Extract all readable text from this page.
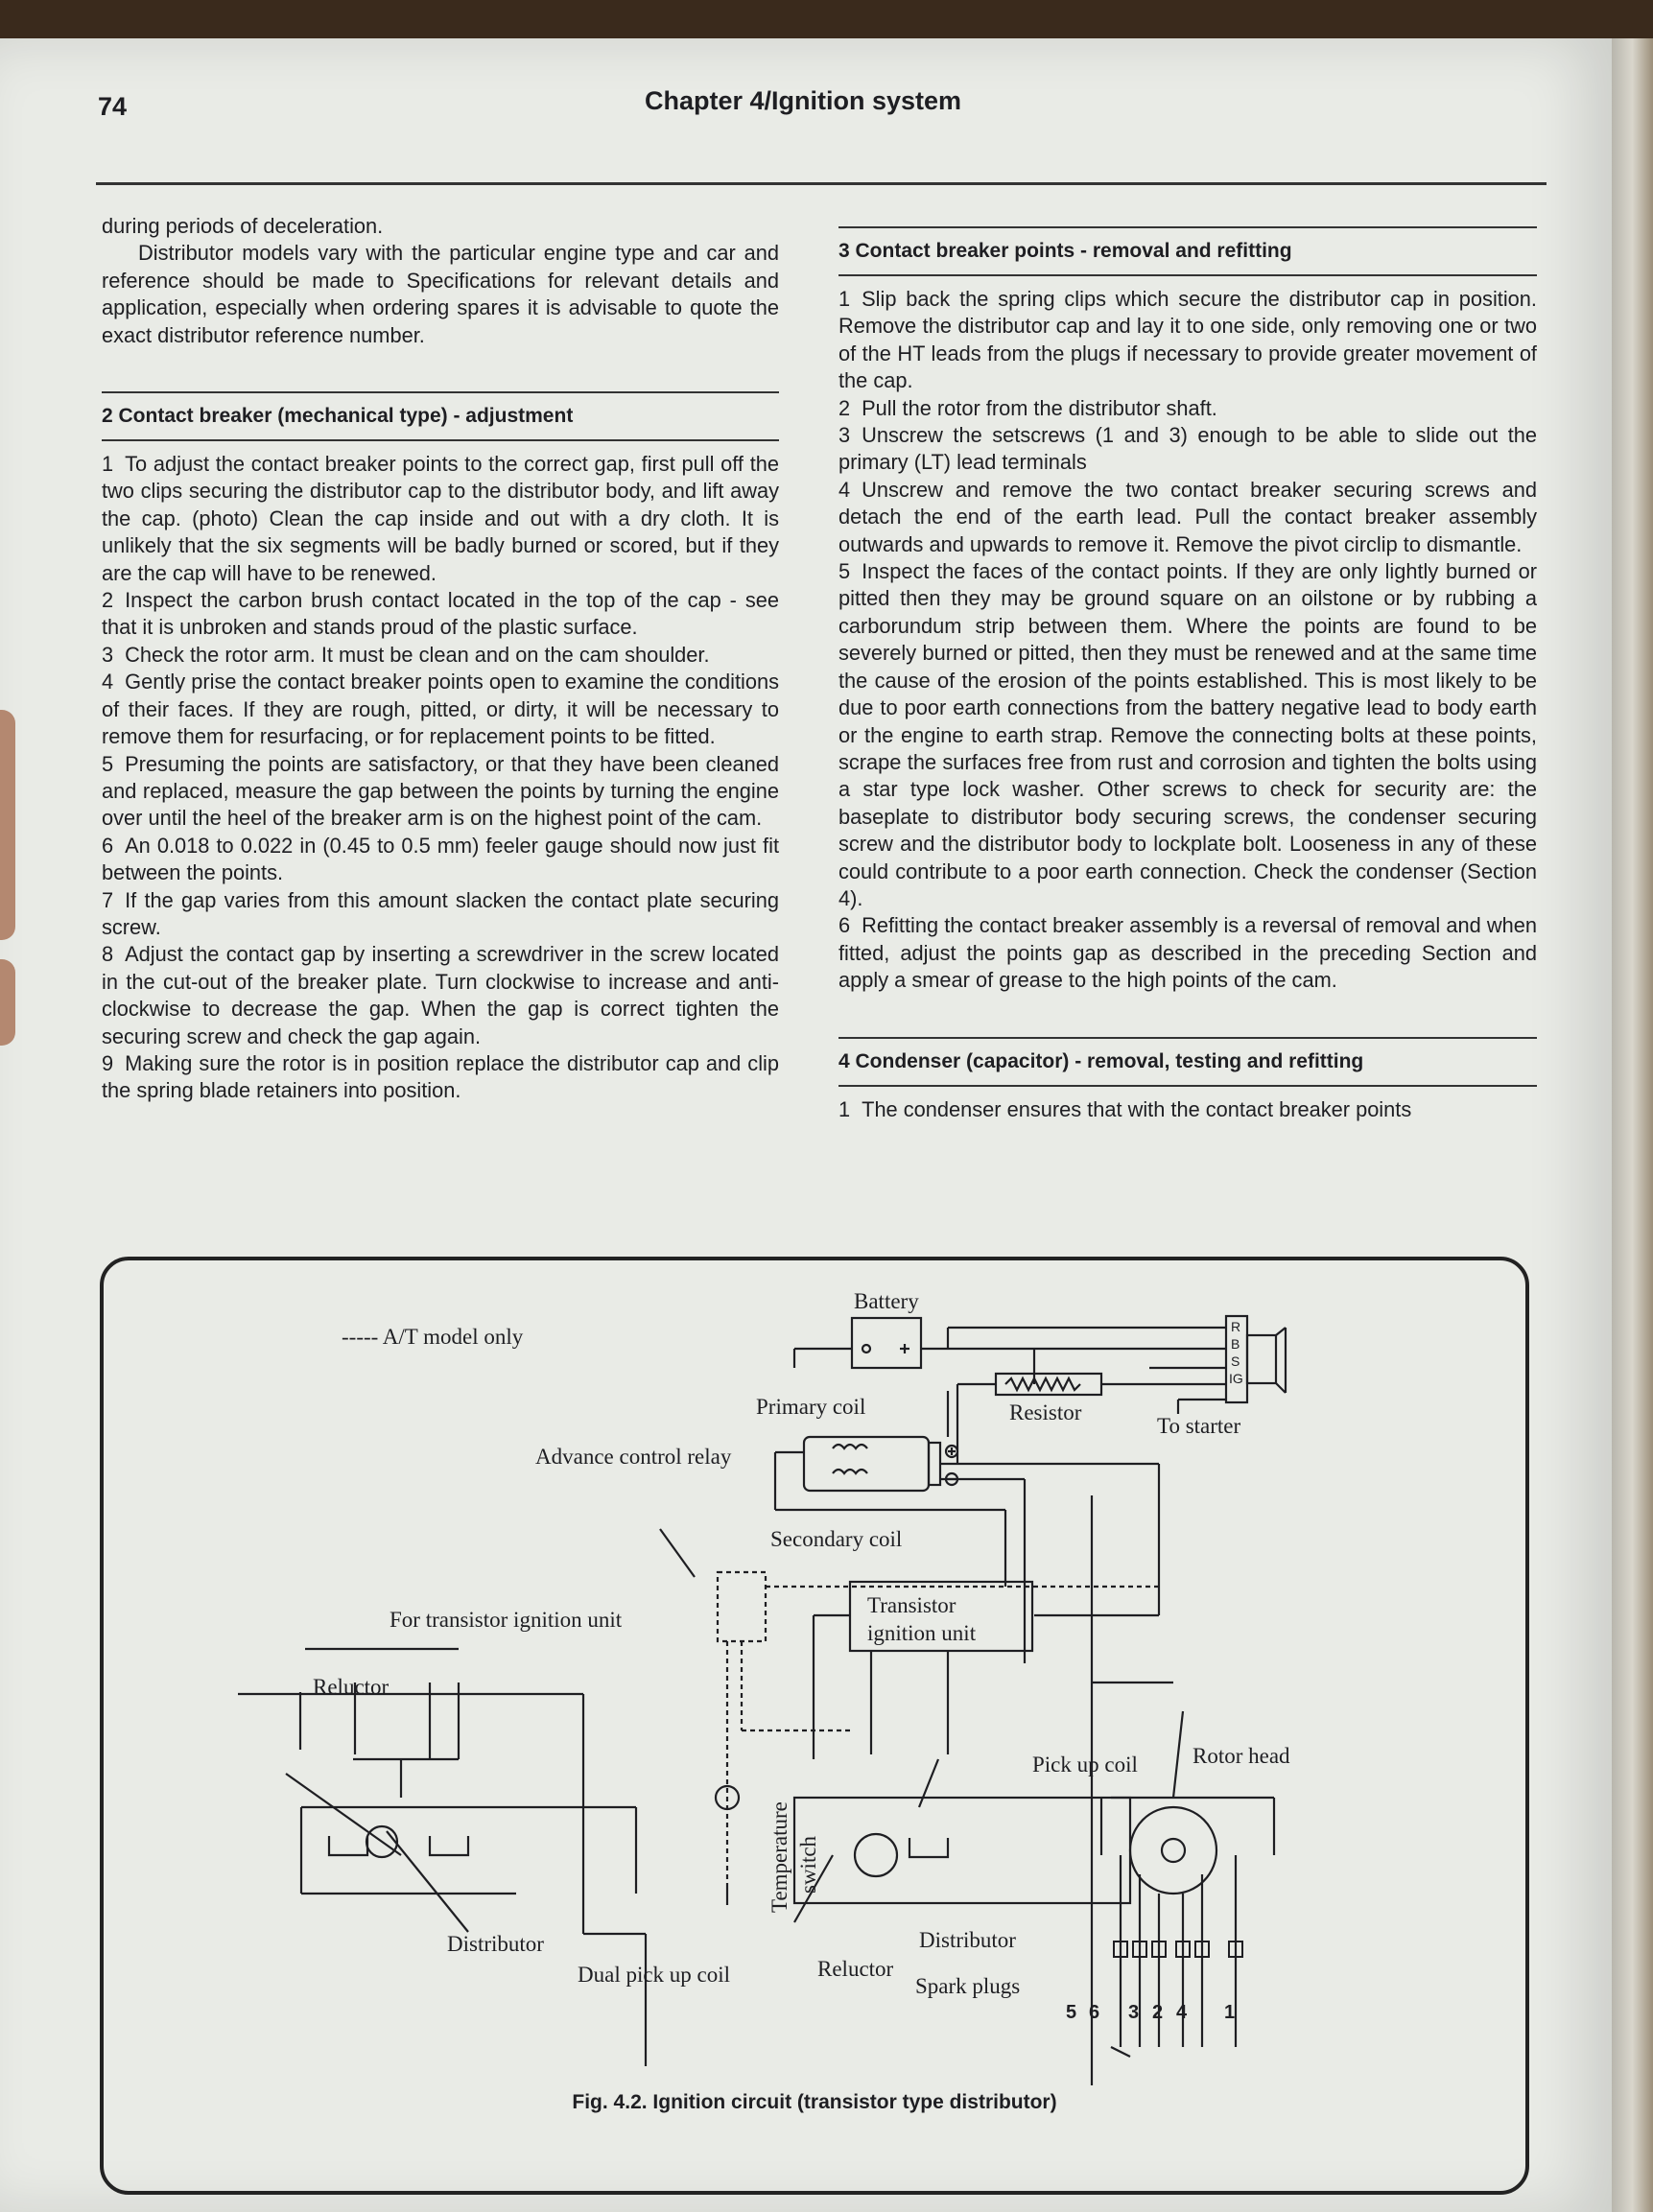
74	Chapter 4/Ignition system

during periods of deceleration.

Distributor models vary with the particular engine type and car and reference should be made to Specifications for relevant details and application, especially when ordering spares it is advisable to quote the exact distributor reference number.

2 Contact breaker (mechanical type) - adjustment

1 To adjust the contact breaker points to the correct gap, first pull off the two clips securing the distributor cap to the distributor body, and lift away the cap. (photo) Clean the cap inside and out with a dry cloth. It is unlikely that the six segments will be badly burned or scored, but if they are the cap will have to be renewed.

2 Inspect the carbon brush contact located in the top of the cap - see that it is unbroken and stands proud of the plastic surface.

3 Check the rotor arm. It must be clean and on the cam shoulder.

4 Gently prise the contact breaker points open to examine the conditions of their faces. If they are rough, pitted, or dirty, it will be necessary to remove them for resurfacing, or for replacement points to be fitted.

5 Presuming the points are satisfactory, or that they have been cleaned and replaced, measure the gap between the points by turning the engine over until the heel of the breaker arm is on the highest point of the cam.

6 An 0.018 to 0.022 in (0.45 to 0.5 mm) feeler gauge should now just fit between the points.

7 If the gap varies from this amount slacken the contact plate securing screw.

8 Adjust the contact gap by inserting a screwdriver in the screw located in the cut-out of the breaker plate. Turn clockwise to increase and anti-clockwise to decrease the gap. When the gap is correct tighten the securing screw and check the gap again.

9 Making sure the rotor is in position replace the distributor cap and clip the spring blade retainers into position.

3 Contact breaker points - removal and refitting

1 Slip back the spring clips which secure the distributor cap in position. Remove the distributor cap and lay it to one side, only removing one or two of the HT leads from the plugs if necessary to provide greater movement of the cap.

2 Pull the rotor from the distributor shaft.

3 Unscrew the setscrews (1 and 3) enough to be able to slide out the primary (LT) lead terminals

4 Unscrew and remove the two contact breaker securing screws and detach the end of the earth lead. Pull the contact breaker assembly outwards and upwards to remove it. Remove the pivot circlip to dismantle.

5 Inspect the faces of the contact points. If they are only lightly burned or pitted then they may be ground square on an oilstone or by rubbing a carborundum strip between them. Where the points are found to be severely burned or pitted, then they must be renewed and at the same time the cause of the erosion of the points established. This is most likely to be due to poor earth connections from the battery negative lead to body earth or the engine to earth strap. Remove the connecting bolts at these points, scrape the surfaces free from rust and corrosion and tighten the bolts using a star type lock washer. Other screws to check for security are: the baseplate to distributor body securing screws, the condenser securing screw and the distributor body to lockplate bolt. Looseness in any of these could contribute to a poor earth connection. Check the condenser (Section 4).

6 Refitting the contact breaker assembly is a reversal of removal and when fitted, adjust the points gap as described in the preceding Section and apply a smear of grease to the high points of the cam.

4 Condenser (capacitor) - removal, testing and refitting

1 The condenser ensures that with the contact breaker points

----- A/T model only
Battery
Primary coil	Resistor
To starter
Advance control relay
Secondary coil
For transistor ignition unit
Reluctor
Transistor
ignition unit
Pick up coil Rotor head
Temperature switch
Distributor
Dual pick up coil	Reluctor
Distributor
Spark plugs
R
B
S
IG
5 6 3 2 4 1
Fig. 4.2. Ignition circuit (transistor type distributor)
